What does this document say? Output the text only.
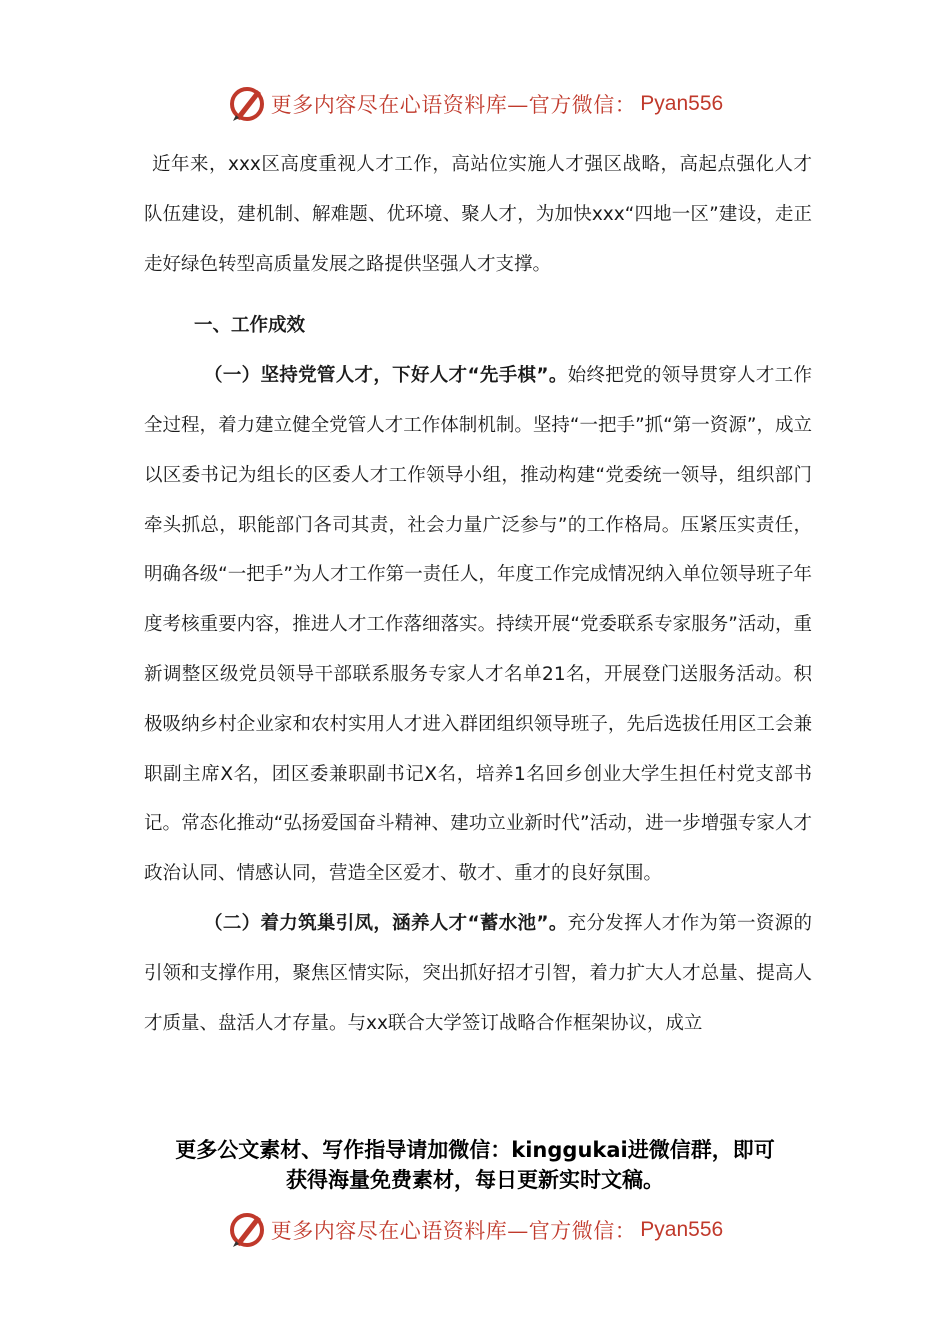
更多内容尽在心语资料库—官方微信： Pyan556

近年来，xxx区高度重视人才工作，高站位实施人才强区战略，高起点强化人才队伍建设，建机制、解难题、优环境、聚人才，为加快xxx“四地一区”建设，走正走好绿色转型高质量发展之路提供坚强人才支撑。

一、工作成效

（一）坚持党管人才，下好人才“先手棋”。始终把党的领导贯穿人才工作全过程，着力建立健全党管人才工作体制机制。坚持“一把手”抓“第一资源”，成立以区委书记为组长的区委人才工作领导小组，推动构建“党委统一领导，组织部门牵头抓总，职能部门各司其责，社会力量广泛参与”的工作格局。压紧压实责任，明确各级“一把手”为人才工作第一责任人，年度工作完成情况纳入单位领导班子年度考核重要内容，推进人才工作落细落实。持续开展“党委联系专家服务”活动，重新调整区级党员领导干部联系服务专家人才名单21名，开展登门送服务活动。积极吸纳乡村企业家和农村实用人才进入群团组织领导班子，先后选拔任用区工会兼职副主席X名，团区委兼职副书记X名，培养1名回乡创业大学生担任村党支部书记。常态化推动“弘扬爱国奋斗精神、建功立业新时代”活动，进一步增强专家人才政治认同、情感认同，营造全区爱才、敬才、重才的良好氛围。

（二）着力筑巢引凤，涵养人才“蓄水池”。充分发挥人才作为第一资源的引领和支撑作用，聚焦区情实际，突出抓好招才引智，着力扩大人才总量、提高人才质量、盘活人才存量。与xx联合大学签订战略合作框架协议，成立

更多公文素材、写作指导请加微信：kinggukai进微信群，即可
获得海量免费素材，每日更新实时文稿。
更多内容尽在心语资料库—官方微信： Pyan556
